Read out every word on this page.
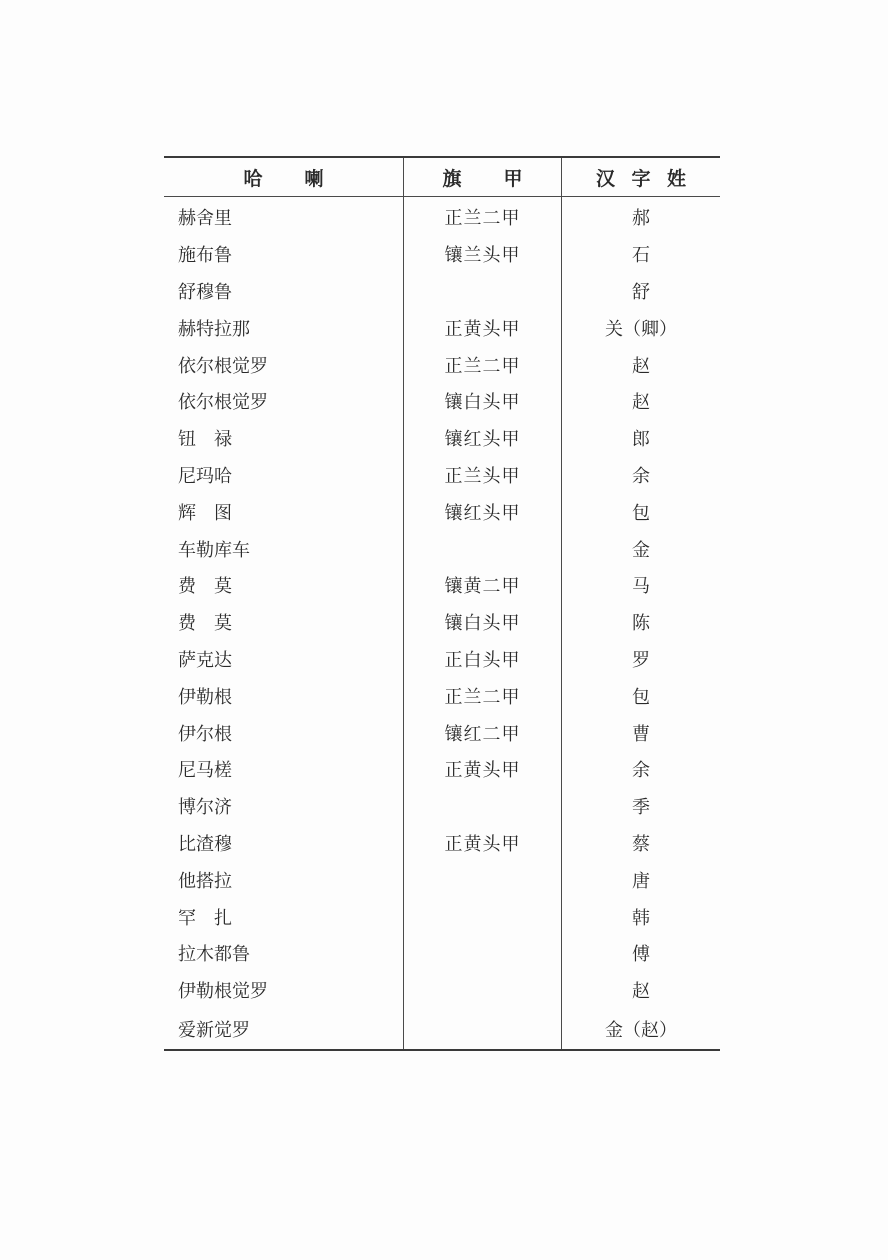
哈 喇	旗 甲	汉 字 姓

赫舍里	正兰二甲	郝
施布鲁	镶兰头甲	石
舒穆鲁		舒
赫特拉那	正黄头甲	关（卿）
依尔根觉罗	正兰二甲	赵
依尔根觉罗	镶白头甲	赵
钮　禄	镶红头甲	郎
尼玛哈	正兰头甲	余
辉　图	镶红头甲	包
车勒库车		金
费　莫	镶黄二甲	马
费　莫	镶白头甲	陈
萨克达	正白头甲	罗
伊勒根	正兰二甲	包
伊尔根	镶红二甲	曹
尼马槎	正黄头甲	余
博尔济		季
比渣穆	正黄头甲	蔡
他搭拉		唐
罕　扎		韩
拉木都鲁		傅
伊勒根觉罗		赵
爱新觉罗		金（赵）
